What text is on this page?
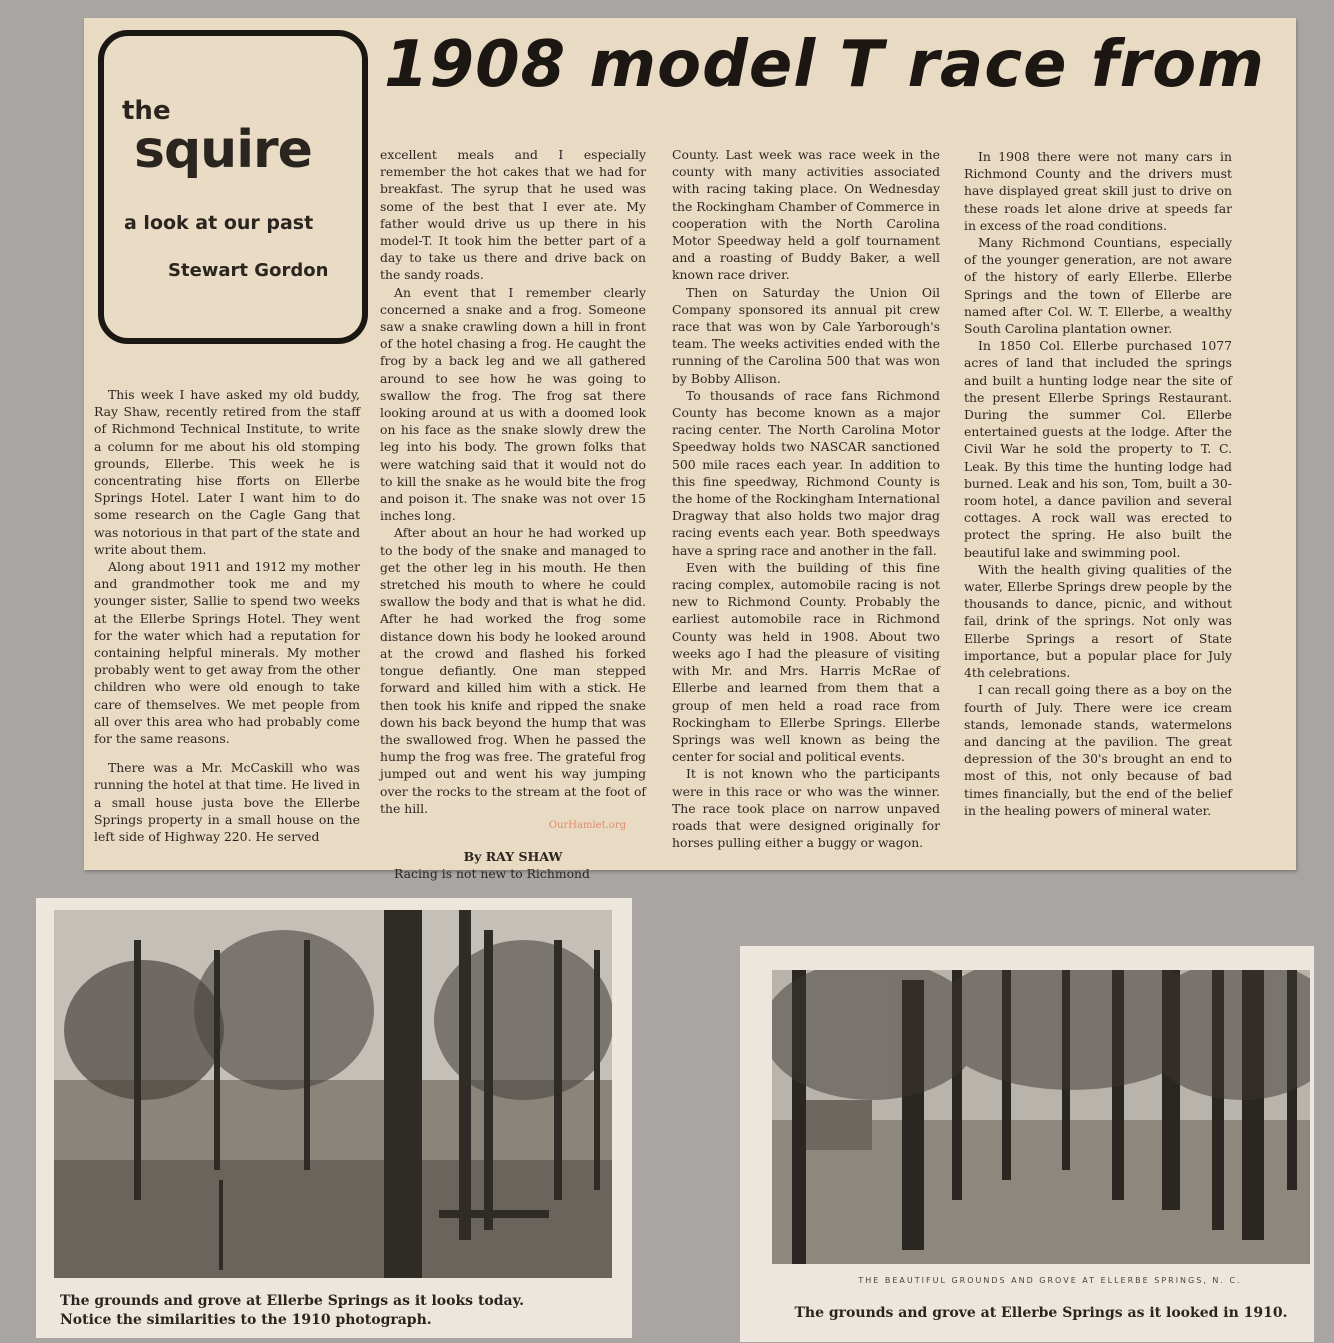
1908 model T race from
the
squire
a look at our past
Stewart Gordon

This week I have asked my old buddy, Ray Shaw, recently retired from the staff of Richmond Technical Institute, to write a column for me about his old stomping grounds, Ellerbe. This week he is concentrating hise fforts on Ellerbe Springs Hotel. Later I want him to do some research on the Cagle Gang that was notorious in that part of the state and write about them.

Along about 1911 and 1912 my mother and grandmother took me and my younger sister, Sallie to spend two weeks at the Ellerbe Springs Hotel. They went for the water which had a reputation for containing helpful minerals. My mother probably went to get away from the other children who were old enough to take care of themselves. We met people from all over this area who had probably come for the same reasons.

There was a Mr. McCaskill who was running the hotel at that time. He lived in a small house justa bove the Ellerbe Springs property in a small house on the left side of Highway 220. He served

excellent meals and I especially remember the hot cakes that we had for breakfast. The syrup that he used was some of the best that I ever ate. My father would drive us up there in his model-T. It took him the better part of a day to take us there and drive back on the sandy roads.

An event that I remember clearly concerned a snake and a frog. Someone saw a snake crawling down a hill in front of the hotel chasing a frog. He caught the frog by a back leg and we all gathered around to see how he was going to swallow the frog. The frog sat there looking around at us with a doomed look on his face as the snake slowly drew the leg into his body. The grown folks that were watching said that it would not do to kill the snake as he would bite the frog and poison it. The snake was not over 15 inches long.

After about an hour he had worked up to the body of the snake and managed to get the other leg in his mouth. He then stretched his mouth to where he could swallow the body and that is what he did. After he had worked the frog some distance down his body he looked around at the crowd and flashed his forked tongue defiantly. One man stepped forward and killed him with a stick. He then took his knife and ripped the snake down his back beyond the hump that was the swallowed frog. When he passed the hump the frog was free. The grateful frog jumped out and went his way jumping over the rocks to the stream at the foot of the hill.

OurHamlet.org

By RAY SHAW

Racing is not new to Richmond

County. Last week was race week in the county with many activities associated with racing taking place. On Wednesday the Rockingham Chamber of Commerce in cooperation with the North Carolina Motor Speedway held a golf tournament and a roasting of Buddy Baker, a well known race driver.

Then on Saturday the Union Oil Company sponsored its annual pit crew race that was won by Cale Yarborough's team. The weeks activities ended with the running of the Carolina 500 that was won by Bobby Allison.

To thousands of race fans Richmond County has become known as a major racing center. The North Carolina Motor Speedway holds two NASCAR sanctioned 500 mile races each year. In addition to this fine speedway, Richmond County is the home of the Rockingham International Dragway that also holds two major drag racing events each year. Both speedways have a spring race and another in the fall.

Even with the building of this fine racing complex, automobile racing is not new to Richmond County. Probably the earliest automobile race in Richmond County was held in 1908. About two weeks ago I had the pleasure of visiting with Mr. and Mrs. Harris McRae of Ellerbe and learned from them that a group of men held a road race from Rockingham to Ellerbe Springs. Ellerbe Springs was well known as being the center for social and political events.

It is not known who the participants were in this race or who was the winner. The race took place on narrow unpaved roads that were designed originally for horses pulling either a buggy or wagon.

In 1908 there were not many cars in Richmond County and the drivers must have displayed great skill just to drive on these roads let alone drive at speeds far in excess of the road conditions.

Many Richmond Countians, especially of the younger generation, are not aware of the history of early Ellerbe. Ellerbe Springs and the town of Ellerbe are named after Col. W. T. Ellerbe, a wealthy South Carolina plantation owner.

In 1850 Col. Ellerbe purchased 1077 acres of land that included the springs and built a hunting lodge near the site of the present Ellerbe Springs Restaurant. During the summer Col. Ellerbe entertained guests at the lodge. After the Civil War he sold the property to T. C. Leak. By this time the hunting lodge had burned. Leak and his son, Tom, built a 30-room hotel, a dance pavilion and several cottages. A rock wall was erected to protect the spring. He also built the beautiful lake and swimming pool.

With the health giving qualities of the water, Ellerbe Springs drew people by the thousands to dance, picnic, and without fail, drink of the springs. Not only was Ellerbe Springs a resort of State importance, but a popular place for July 4th celebrations.

I can recall going there as a boy on the fourth of July. There were ice cream stands, lemonade stands, watermelons and dancing at the pavilion. The great depression of the 30's brought an end to most of this, not only because of bad times financially, but the end of the belief in the healing powers of mineral water.

The grounds and grove at Ellerbe Springs as it looks today.
Notice the similarities to the 1910 photograph.
THE BEAUTIFUL GROUNDS AND GROVE AT ELLERBE SPRINGS, N. C.
The grounds and grove at Ellerbe Springs as it looked in 1910.
